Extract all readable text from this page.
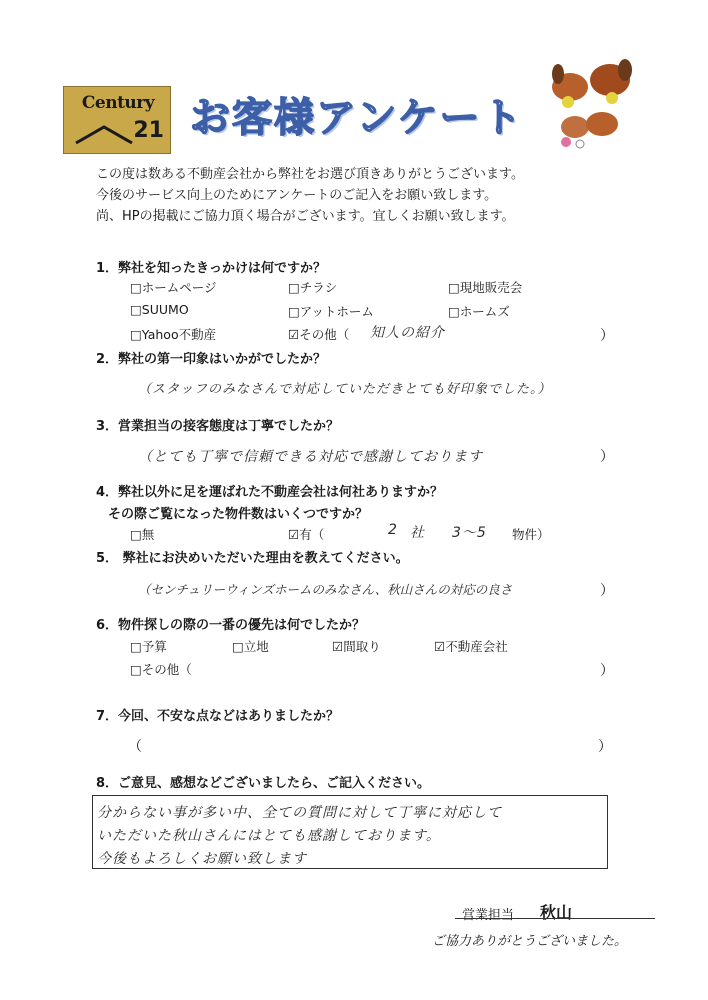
Century
21 お客様アンケート
この度は数ある不動産会社から弊社をお選び頂きありがとうございます。
今後のサービス向上のためにアンケートのご記入をお願い致します。
尚、HPの掲載にご協力頂く場合がございます。宜しくお願い致します。
1．弊社を知ったきっかけは何ですか？
□ホームページ	□チラシ	□現地販売会
□SUUMO	□アットホーム	□ホームズ
□Yahoo不動産	☑その他（ 知人の紹介	）
2．弊社の第一印象はいかがでしたか？
（スタッフのみなさんで対応していただきとても好印象でした。）
3．営業担当の接客態度は丁寧でしたか？
（とても丁寧で信頼できる対応で感謝しております	）
4．弊社以外に足を運ばれた不動産会社は何社ありますか？
その際ご覧になった物件数はいくつですか？
□無	☑有（	2 社 3～5 物件）
5． 弊社にお決めいただいた理由を教えてください。
（センチュリーウィンズホームのみなさん、秋山さんの対応の良さ	）
6．物件探しの際の一番の優先は何でしたか？
□予算	□立地	☑間取り	☑不動産会社
□その他（	）
7．今回、不安な点などはありましたか？
（	）
8．ご意見、感想などございましたら、ご記入ください。
分からない事が多い中、全ての質問に対して丁寧に対応して
いただいた秋山さんにはとても感謝しております。
今後もよろしくお願い致します
営業担当 秋山
ご協力ありがとうございました。
